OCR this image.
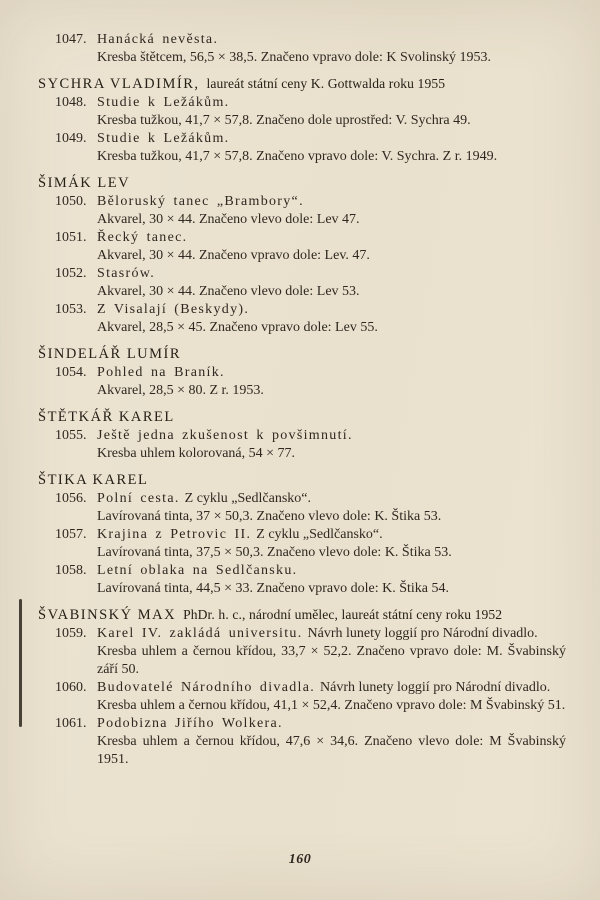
1047. Hanácká nevěsta.
Kresba štětcem, 56,5 × 38,5. Značeno vpravo dole: K Svolinský 1953.
SYCHRA VLADIMÍR, laureát státní ceny K. Gottwalda roku 1955
1048. Studie k Ležákům.
Kresba tužkou, 41,7 × 57,8. Značeno dole uprostřed: V. Sychra 49.
1049. Studie k Ležákům.
Kresba tužkou, 41,7 × 57,8. Značeno vpravo dole: V. Sychra. Z r. 1949.
ŠIMÁK LEV
1050. Běloruský tanec „Brambory“.
Akvarel, 30 × 44. Značeno vlevo dole: Lev 47.
1051. Řecký tanec.
Akvarel, 30 × 44. Značeno vpravo dole: Lev. 47.
1052. Stasrów.
Akvarel, 30 × 44. Značeno vlevo dole: Lev 53.
1053. Z Visalají (Beskydy).
Akvarel, 28,5 × 45. Značeno vpravo dole: Lev 55.
ŠINDELÁŘ LUMÍR
1054. Pohled na Braník.
Akvarel, 28,5 × 80. Z r. 1953.
ŠTĚTKÁŘ KAREL
1055. Ještě jedna zkušenost k povšimnutí.
Kresba uhlem kolorovaná, 54 × 77.
ŠTIKA KAREL
1056. Polní cesta. Z cyklu „Sedlčansko“.
Lavírovaná tinta, 37 × 50,3. Značeno vlevo dole: K. Štika 53.
1057. Krajina z Petrovic II. Z cyklu „Sedlčansko“.
Lavírovaná tinta, 37,5 × 50,3. Značeno vlevo dole: K. Štika 53.
1058. Letní oblaka na Sedlčansku.
Lavírovaná tinta, 44,5 × 33. Značeno vpravo dole: K. Štika 54.
ŠVABINSKÝ MAX PhDr. h. c., národní umělec, laureát státní ceny roku 1952
1059. Karel IV. zakládá universitu. Návrh lunety loggií pro Národní divadlo.
Kresba uhlem a černou křídou, 33,7 × 52,2. Značeno vpravo dole: M. Švabinský září 50.
1060. Budovatelé Národního divadla. Návrh lunety loggií pro Národní divadlo.
Kresba uhlem a černou křídou, 41,1 × 52,4. Značeno vpravo dole: M Švabinský 51.
1061. Podobizna Jiřího Wolkera.
Kresba uhlem a černou křídou, 47,6 × 34,6. Značeno vlevo dole: M Švabinský 1951.
160
